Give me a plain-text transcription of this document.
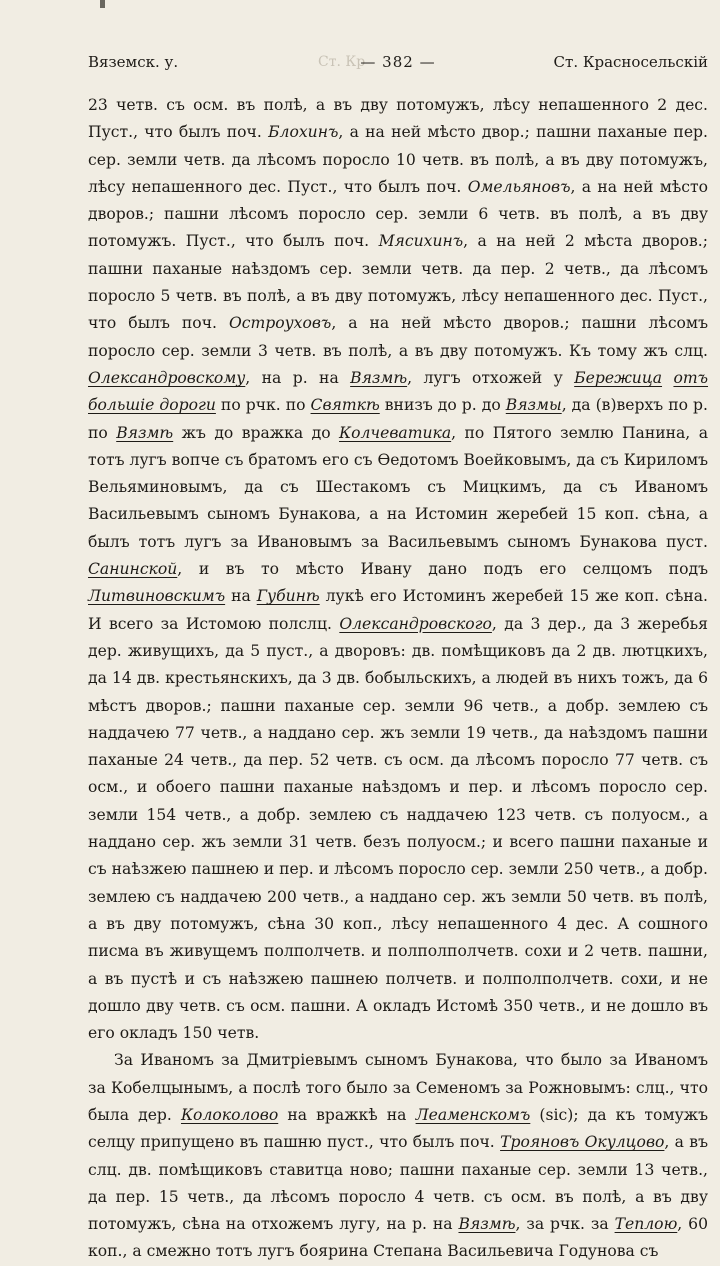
Вяземск. у.	Ст. Кр
— 382 —	Ст. Красносельскій

23 четв. съ осм. въ полѣ, а въ дву потомужъ, лѣсу непашенного 2 дес. Пуст., что былъ поч. Блохинъ, а на ней мѣсто двор.; пашни паханые пер. сер. земли четв. да лѣсомъ поросло 10 четв. въ полѣ, а въ дву потомужъ, лѣсу непашенного дес. Пуст., что былъ поч. Омельяновъ, а на ней мѣсто дворов.; пашни лѣсомъ поросло сер. земли 6 четв. въ полѣ, а въ дву потомужъ. Пуст., что былъ поч. Мясихинъ, а на ней 2 мѣста дворов.; пашни паханые наѣздомъ сер. земли четв. да пер. 2 четв., да лѣсомъ поросло 5 четв. въ полѣ, а въ дву потомужъ, лѣсу непашенного дес. Пуст., что былъ поч. Остроуховъ, а на ней мѣсто дворов.; пашни лѣсомъ поросло сер. земли 3 четв. въ полѣ, а въ дву потомужъ. Къ тому жъ слц. Олександровскому, на р. на Вязмѣ, лугъ отхожей у Бережица отъ большіе дороги по рчк. по Святкѣ внизъ до р. до Вязмы, да (в)верхъ по р. по Вязмѣ жъ до вражка до Колчеватика, по Пятого землю Панина, а тотъ лугъ вопче съ братомъ его съ Ѳедотомъ Воейковымъ, да съ Кириломъ Вельяминовымъ, да съ Шестакомъ съ Мицкимъ, да съ Иваномъ Васильевымъ сыномъ Бунакова, а на Истомин жеребей 15 коп. сѣна, а былъ тотъ лугъ за Ивановымъ за Васильевымъ сыномъ Бунакова пуст. Санинской, и въ то мѣсто Ивану дано подъ его селцомъ подъ Литвиновскимъ на Губинѣ лукѣ его Истоминъ жеребей 15 же коп. сѣна. И всего за Истомою полслц. Олександровского, да 3 дер., да 3 жеребья дер. живущихъ, да 5 пуст., а дворовъ: дв. помѣщиковъ да 2 дв. лютцкихъ, да 14 дв. крестьянскихъ, да 3 дв. бобыльскихъ, а людей въ нихъ тожъ, да 6 мѣстъ дворов.; пашни паханые сер. земли 96 четв., а добр. землею съ наддачею 77 четв., а наддано сер. жъ земли 19 четв., да наѣздомъ пашни паханые 24 четв., да пер. 52 четв. съ осм. да лѣсомъ поросло 77 четв. съ осм., и обоего пашни паханые наѣздомъ и пер. и лѣсомъ поросло сер. земли 154 четв., а добр. землею съ наддачею 123 четв. съ полуосм., а наддано сер. жъ земли 31 четв. безъ полуосм.; и всего пашни паханые и съ наѣзжею пашнею и пер. и лѣсомъ поросло сер. земли 250 четв., а добр. землею съ наддачею 200 четв., а наддано сер. жъ земли 50 четв. въ полѣ, а въ дву потомужъ, сѣна 30 коп., лѣсу непашенного 4 дес. А сошного писма въ живущемъ полполчетв. и полполполчетв. сохи и 2 четв. пашни, а въ пустѣ и съ наѣзжею пашнею полчетв. и полполполчетв. сохи, и не дошло дву четв. съ осм. пашни. А окладъ Истомѣ 350 четв., и не дошло въ его окладъ 150 четв.

За Иваномъ за Дмитріевымъ сыномъ Бунакова, что было за Иваномъ за Кобелцынымъ, а послѣ того было за Семеномъ за Рожновымъ: слц., что была дер. Колоколово на вражкѣ на Леаменскомъ (sic); да къ томужъ селцу припущено въ пашню пуст., что былъ поч. Трояновъ Окулцово, а въ слц. дв. помѣщиковъ ставитца ново; пашни паханые сер. земли 13 четв., да пер. 15 четв., да лѣсомъ поросло 4 четв. съ осм. въ полѣ, а въ дву потомужъ, сѣна на отхожемъ лугу, на р. на Вязмѣ, за рчк. за Теплою, 60 коп., а смежно тотъ лугъ боярина Степана Васильевича Годунова съ
